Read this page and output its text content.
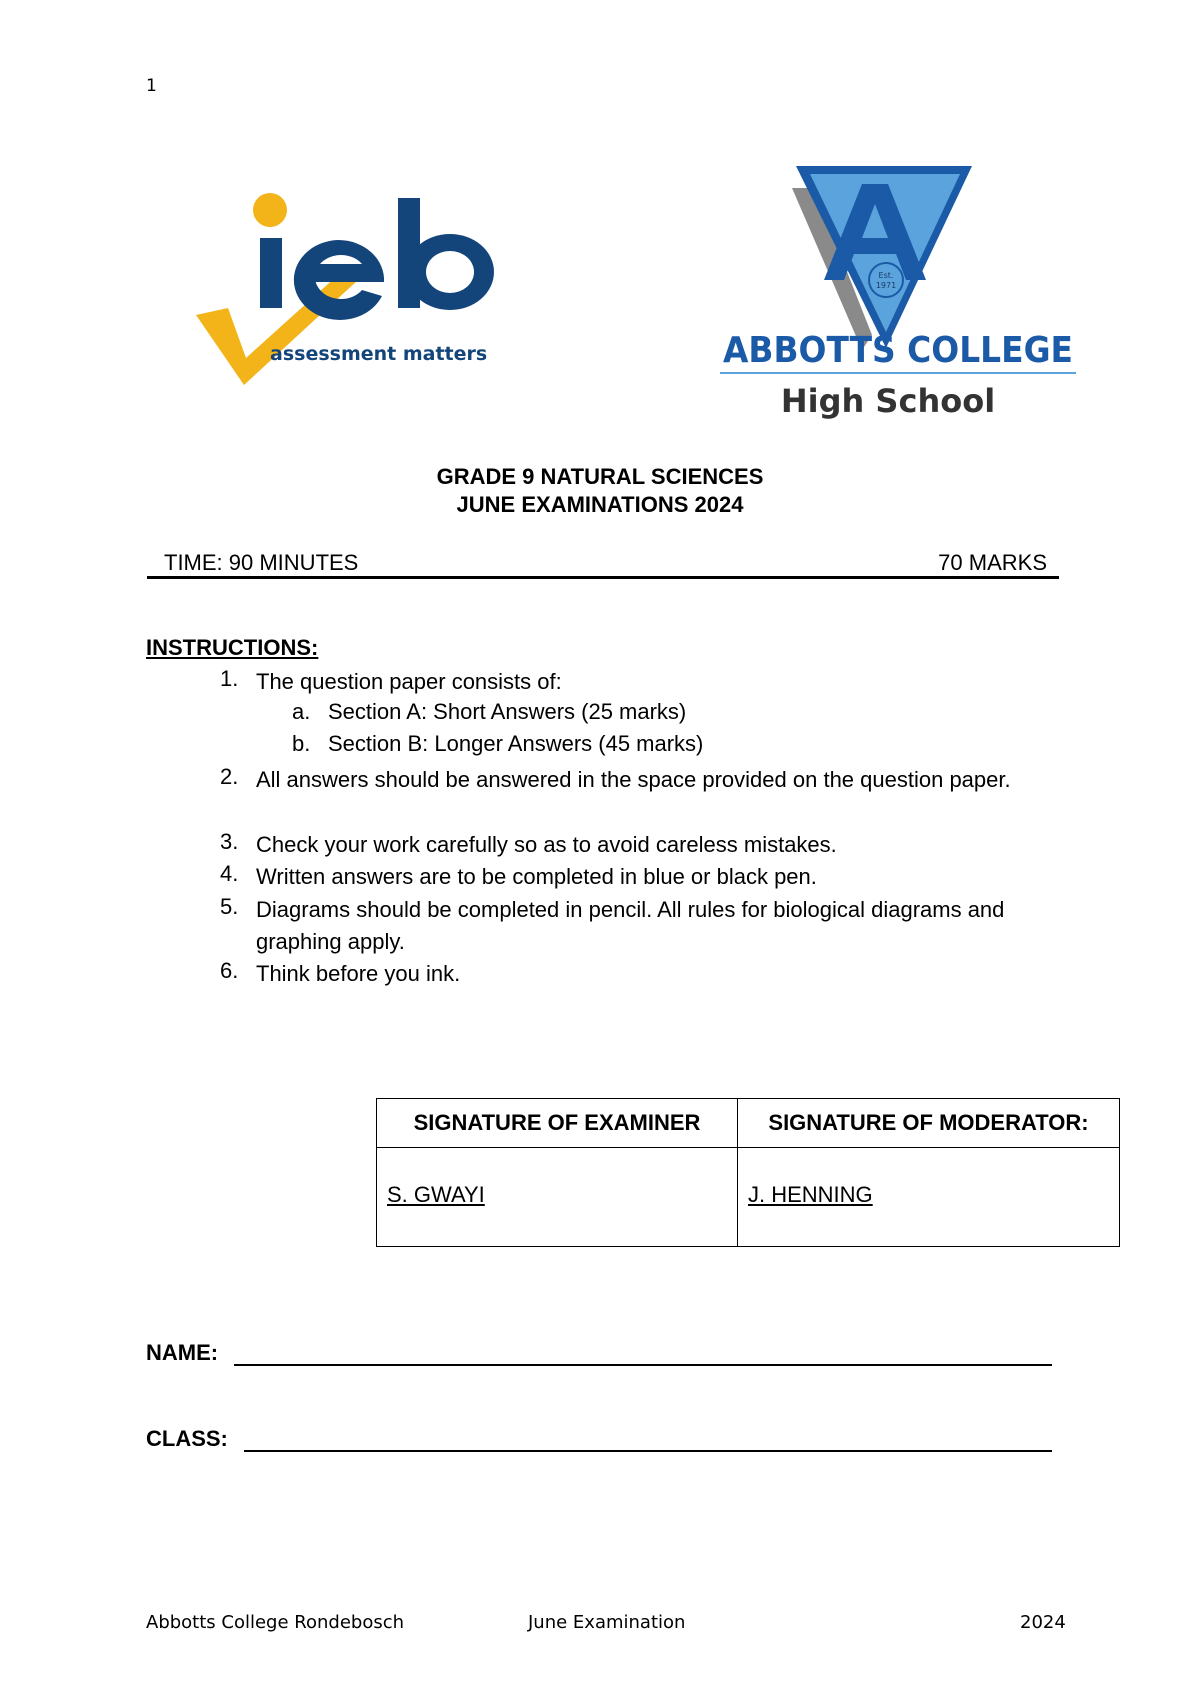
1
assessment matters
Est.
1971
ABBOTTS COLLEGE
High School
GRADE 9 NATURAL SCIENCES
JUNE EXAMINATIONS 2024
TIME: 90 MINUTES	70 MARKS
INSTRUCTIONS:
1. The question paper consists of:
a. Section A: Short Answers (25 marks)
b. Section B: Longer Answers (45 marks)
2. All answers should be answered in the space provided on the question paper.
3. Check your work carefully so as to avoid careless mistakes.
4. Written answers are to be completed in blue or black pen.
5. Diagrams should be completed in pencil. All rules for biological diagrams and graphing apply.
6. Think before you ink.
SIGNATURE OF EXAMINER	SIGNATURE OF MODERATOR:
S. GWAYI	J. HENNING
NAME:
CLASS:
Abbotts College Rondebosch	June Examination	2024
